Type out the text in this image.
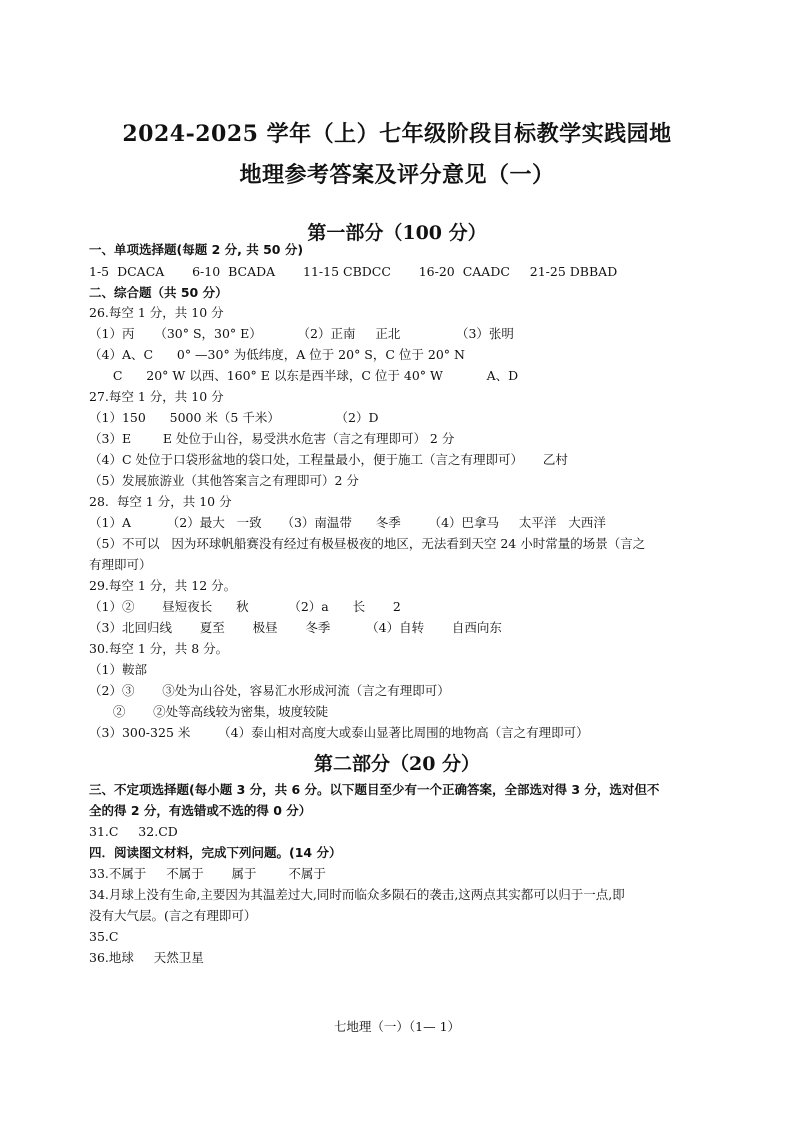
2024-2025 学年（上）七年级阶段目标教学实践园地
地理参考答案及评分意见（一）
第一部分（100 分）
第二部分（20 分）
一、单项选择题(每题 2 分, 共 50 分)
1-5  DCACA       6-10  BCADA       11-15 CBDCC       16-20  CAADC     21-25 DBBAD
二、综合题（共 50 分）
26.每空 1 分，共 10 分
（1）丙     （30° S，30° E）         （2）正南     正北              （3）张明
（4）A、C      0° —30° 为低纬度，A 位于 20° S，C 位于 20° N
C      20° W 以西、160° E 以东是西半球，C 位于 40° W           A、D
27.每空 1 分，共 10 分
（1）150      5000 米（5 千米）              （2）D
（3）E        E 处位于山谷，易受洪水危害（言之有理即可） 2 分
（4）C 处位于口袋形盆地的袋口处，工程量最小，便于施工（言之有理即可）     乙村
（5）发展旅游业（其他答案言之有理即可）2 分
28.  每空 1 分，共 10 分
（1）A         （2）最大   一致     （3）南温带      冬季       （4）巴拿马     太平洋   大西洋
（5）不可以   因为环球帆船赛没有经过有极昼极夜的地区，无法看到天空 24 小时常量的场景（言之
有理即可）
29.每空 1 分，共 12 分。
（1）②       昼短夜长      秋          （2）a      长       2
（3）北回归线       夏至       极昼       冬季         （4）自转       自西向东
30.每空 1 分，共 8 分。
（1）鞍部
（2）③       ③处为山谷处，容易汇水形成河流（言之有理即可）
②       ②处等高线较为密集，坡度较陡
（3）300-325 米       （4）泰山相对高度大或泰山显著比周围的地物高（言之有理即可）
三、不定项选择题(每小题 3 分，共 6 分。以下题目至少有一个正确答案，全部选对得 3 分，选对但不
全的得 2 分，有选错或不选的得 0 分）
31.C     32.CD
四．阅读图文材料，完成下列问题。(14 分）
33.不属于     不属于       属于        不属于
34.月球上没有生命,主要因为其温差过大,同时而临众多陨石的袭击,这两点其实都可以归于一点,即
没有大气层。(言之有理即可）
35.C
36.地球     天然卫星
七地理（一）（1— 1）
